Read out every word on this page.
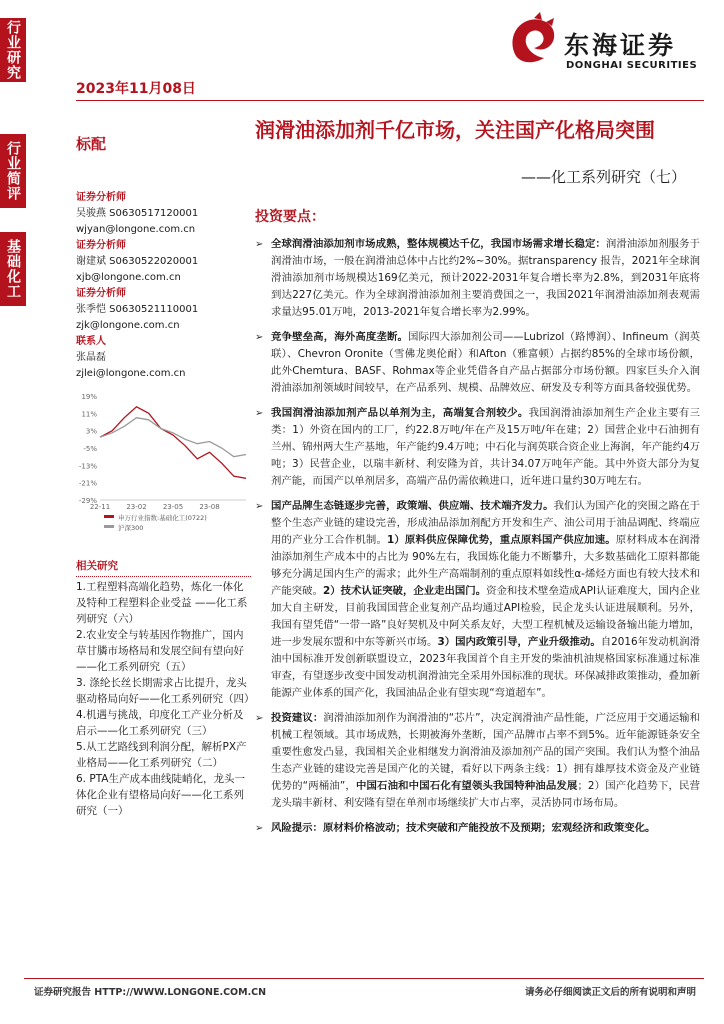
行业研究
行业简评
基础化工
东海证券
DONGHAI SECURITIES
2023年11月08日
标配
润滑油添加剂千亿市场，关注国产化格局突围
——化工系列研究（七）
证券分析师
吴骏燕 S0630517120001
wjyan@longone.com.cn
证券分析师
谢建斌 S0630522020001
xjb@longone.com.cn
证券分析师
张季恺 S0630521110001
zjk@longone.com.cn
联系人
张晶磊
zjlei@longone.com.cn
19%
11%
3%
-5%
-13%
-21%
-29%
22-11 23-02 23-05 23-08
申万行业指数:基础化工(0722)
沪深300
相关研究
1.工程塑料高端化趋势，炼化一体化及特种工程塑料企业受益 ——化工系列研究（六）
2.农业安全与转基因作物推广，国内草甘膦市场格局和发展空间有望向好——化工系列研究（五）
3. 涤纶长丝长期需求占比提升，龙头驱动格局向好——化工系列研究（四）
4.机遇与挑战，印度化工产业分析及启示——化工系列研究（三）
5.从工艺路线到利润分配，解析PX产业格局——化工系列研究（二）
6. PTA生产成本曲线陡峭化，龙头一体化企业有望格局向好——化工系列研究（一）
投资要点：
➢ 全球润滑油添加剂市场成熟，整体规模达千亿，我国市场需求增长稳定：润滑油添加剂服务于润滑油市场，一般在润滑油总体中占比约2%~30%。据transparency 报告，2021年全球润滑油添加剂市场规模达169亿美元，预计2022-2031年复合增长率为2.8%，到2031年底将到达227亿美元。作为全球润滑油添加剂主要消费国之一，我国2021年润滑油添加剂表观需求量达95.01万吨，2013-2021年复合增长率为2.99%。
➢ 竞争壁垒高，海外高度垄断。国际四大添加剂公司——Lubrizol（路博润）、Infineum（润英联）、Chevron Oronite（雪佛龙奥伦耐）和Afton（雅富顿）占据约85%的全球市场份额，此外Chemtura、BASF、Rohmax等企业凭借各自产品占据部分市场份额。四家巨头介入润滑油添加剂领域时间较早，在产品系列、规模、品牌效应、研发及专利等方面具备较强优势。
➢ 我国润滑油添加剂产品以单剂为主，高端复合剂较少。我国润滑油添加剂生产企业主要有三类：1）外资在国内的工厂，约22.8万吨/年在产及15万吨/年在建；2）国营企业中石油拥有兰州、锦州两大生产基地，年产能约9.4万吨；中石化与润英联合资企业上海润，年产能约4万吨；3）民营企业，以瑞丰新材、利安隆为首，共计34.07万吨年产能。其中外资大部分为复剂产能，而国产以单剂居多，高端产品仍需依赖进口，近年进口量约30万吨左右。
➢ 国产品牌生态链逐步完善，政策端、供应端、技术端齐发力。我们认为国产化的突围之路在于整个生态产业链的建设完善，形成油品添加剂配方开发和生产、油公司用于油品调配、终端应用的产业分工合作机制。1）原料供应保障优势，重点原料国产供应加速。原材料成本在润滑油添加剂生产成本中的占比为 90%左右，我国炼化能力不断攀升，大多数基础化工原料都能够充分满足国内生产的需求；此外生产高端制剂的重点原料如线性α-烯烃方面也有较大技术和产能突破。2）技术认证突破，企业走出国门。资金和技术壁垒造成API认证难度大，国内企业加大自主研发，目前我国国营企业复剂产品均通过API检验，民企龙头认证进展顺利。另外，我国有望凭借“一带一路”良好契机及中阿关系友好，大型工程机械及运输设备输出能力增加，进一步发展东盟和中东等新兴市场。3）国内政策引导，产业升级推动。自2016年发动机润滑油中国标准开发创新联盟设立，2023年我国首个自主开发的柴油机油规格国家标准通过标准审查，有望逐步改变中国发动机润滑油完全采用外国标准的现状。环保减排政策推动，叠加新能源产业体系的国产化，我国油品企业有望实现“弯道超车”。
➢ 投资建议：润滑油添加剂作为润滑油的“芯片”，决定润滑油产品性能，广泛应用于交通运输和机械工程领域。其市场成熟，长期被海外垄断，国产品牌市占率不到5%。近年能源链条安全重要性愈发凸显，我国相关企业相继发力润滑油及添加剂产品的国产突围。我们认为整个油品生态产业链的建设完善是国产化的关键，看好以下两条主线：1）拥有雄厚技术资金及产业链优势的“两桶油”，中国石油和中国石化有望领头我国特种油品发展；2）国产化趋势下，民营龙头瑞丰新材、利安隆有望在单剂市场继续扩大市占率，灵活协同市场布局。
➢ 风险提示：原材料价格波动；技术突破和产能投放不及预期；宏观经济和政策变化。
证券研究报告 HTTP://WWW.LONGONE.COM.CN	请务必仔细阅读正文后的所有说明和声明
